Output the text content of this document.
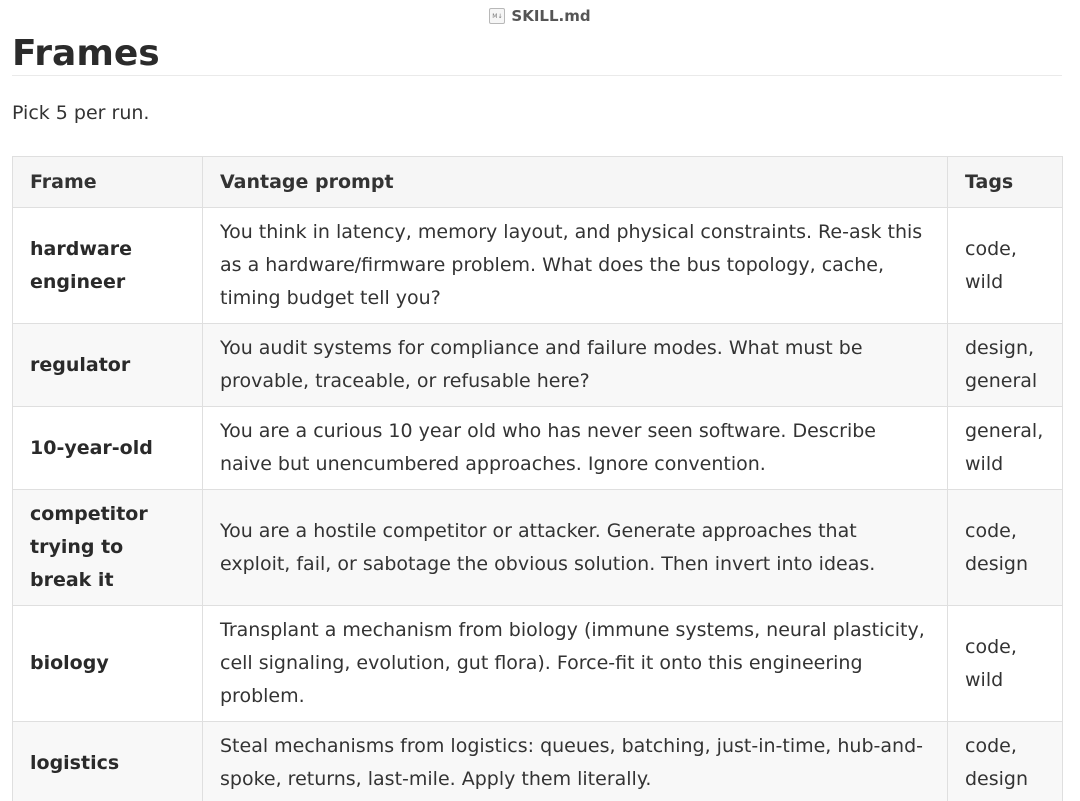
M↓ SKILL.md
Frames

Pick 5 per run.

Frame	Vantage prompt	Tags
hardware engineer	You think in latency, memory layout, and physical constraints. Re-ask this as a hardware/firmware problem. What does the bus topology, cache, timing budget tell you?	code, wild
regulator	You audit systems for compliance and failure modes. What must be provable, traceable, or refusable here?	design, general
10-year-old	You are a curious 10 year old who has never seen software. Describe naive but unencumbered approaches. Ignore convention.	general, wild
competitor trying to break it	You are a hostile competitor or attacker. Generate approaches that exploit, fail, or sabotage the obvious solution. Then invert into ideas.	code, design
biology	Transplant a mechanism from biology (immune systems, neural plasticity, cell signaling, evolution, gut flora). Force-fit it onto this engineering problem.	code, wild
logistics	Steal mechanisms from logistics: queues, batching, just-in-time, hub-and-spoke, returns, last-mile. Apply them literally.	code, design
